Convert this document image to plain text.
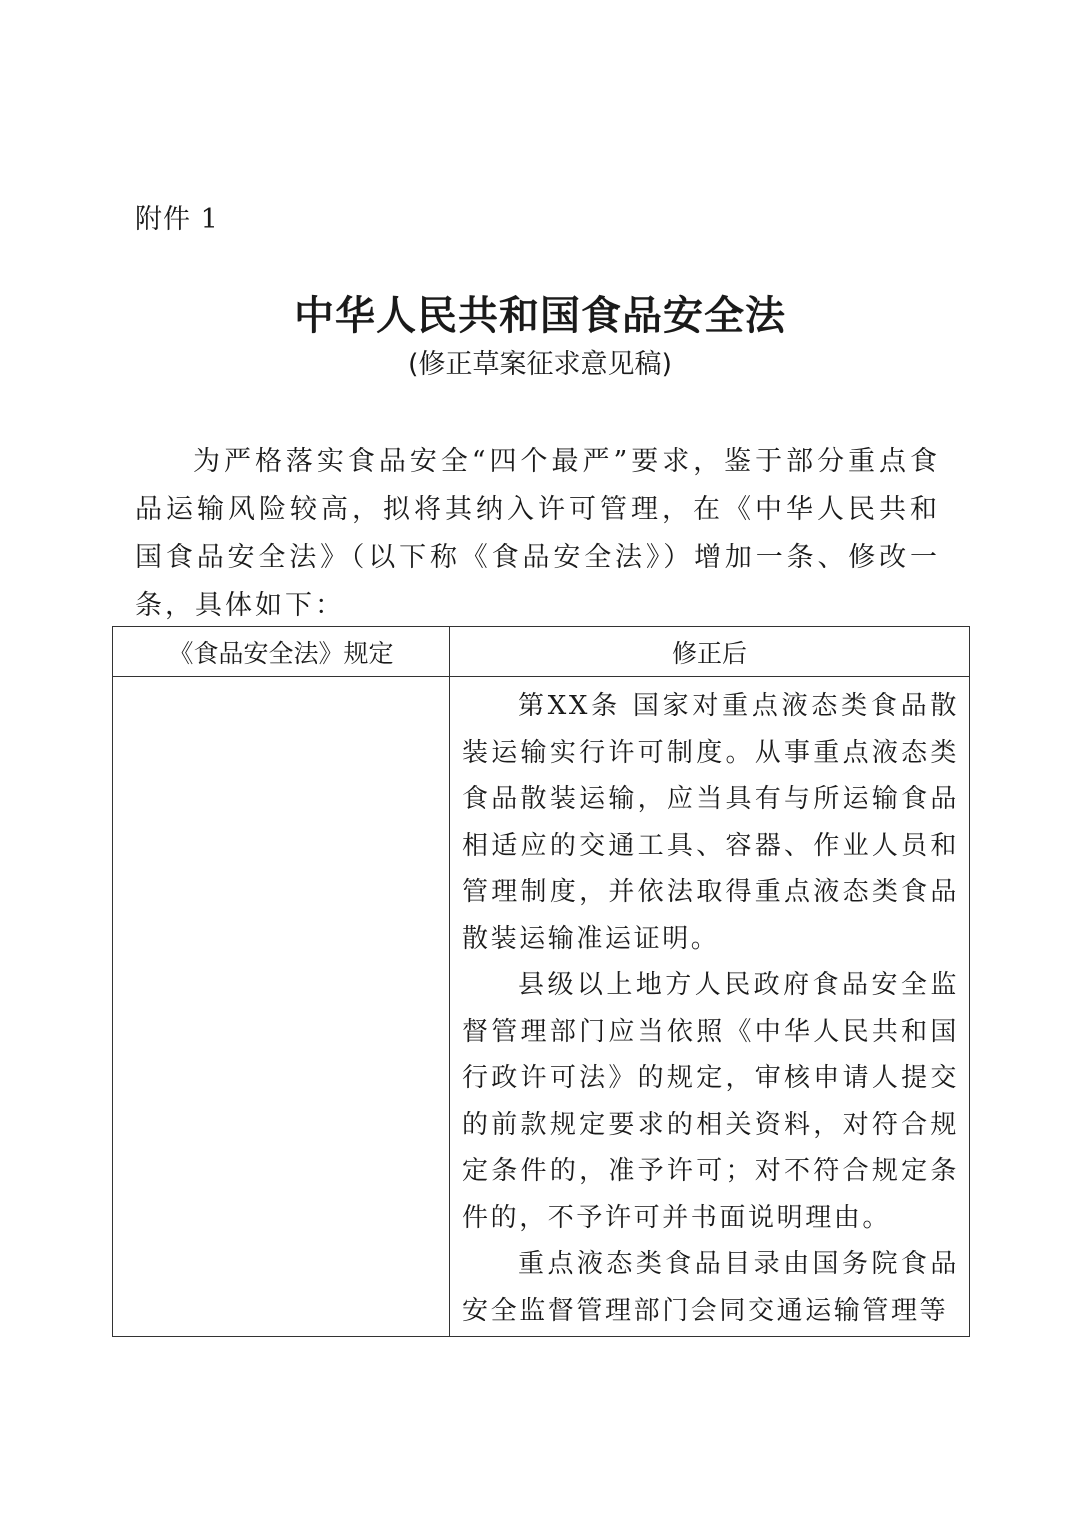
附件 1
中华人民共和国食品安全法
(修正草案征求意见稿)

为严格落实食品安全“四个最严”要求，鉴于部分重点食品运输风险较高，拟将其纳入许可管理，在《中华人民共和国食品安全法》（以下称《食品安全法》）增加一条、修改一条，具体如下：

《食品安全法》规定	修正后

	第XX条 国家对重点液态类食品散装运输实行许可制度。从事重点液态类食品散装运输，应当具有与所运输食品相适应的交通工具、容器、作业人员和管理制度，并依法取得重点液态类食品散装运输准运证明。

县级以上地方人民政府食品安全监督管理部门应当依照《中华人民共和国行政许可法》的规定，审核申请人提交的前款规定要求的相关资料，对符合规定条件的，准予许可；对不符合规定条件的，不予许可并书面说明理由。

重点液态类食品目录由国务院食品安全监督管理部门会同交通运输管理等
